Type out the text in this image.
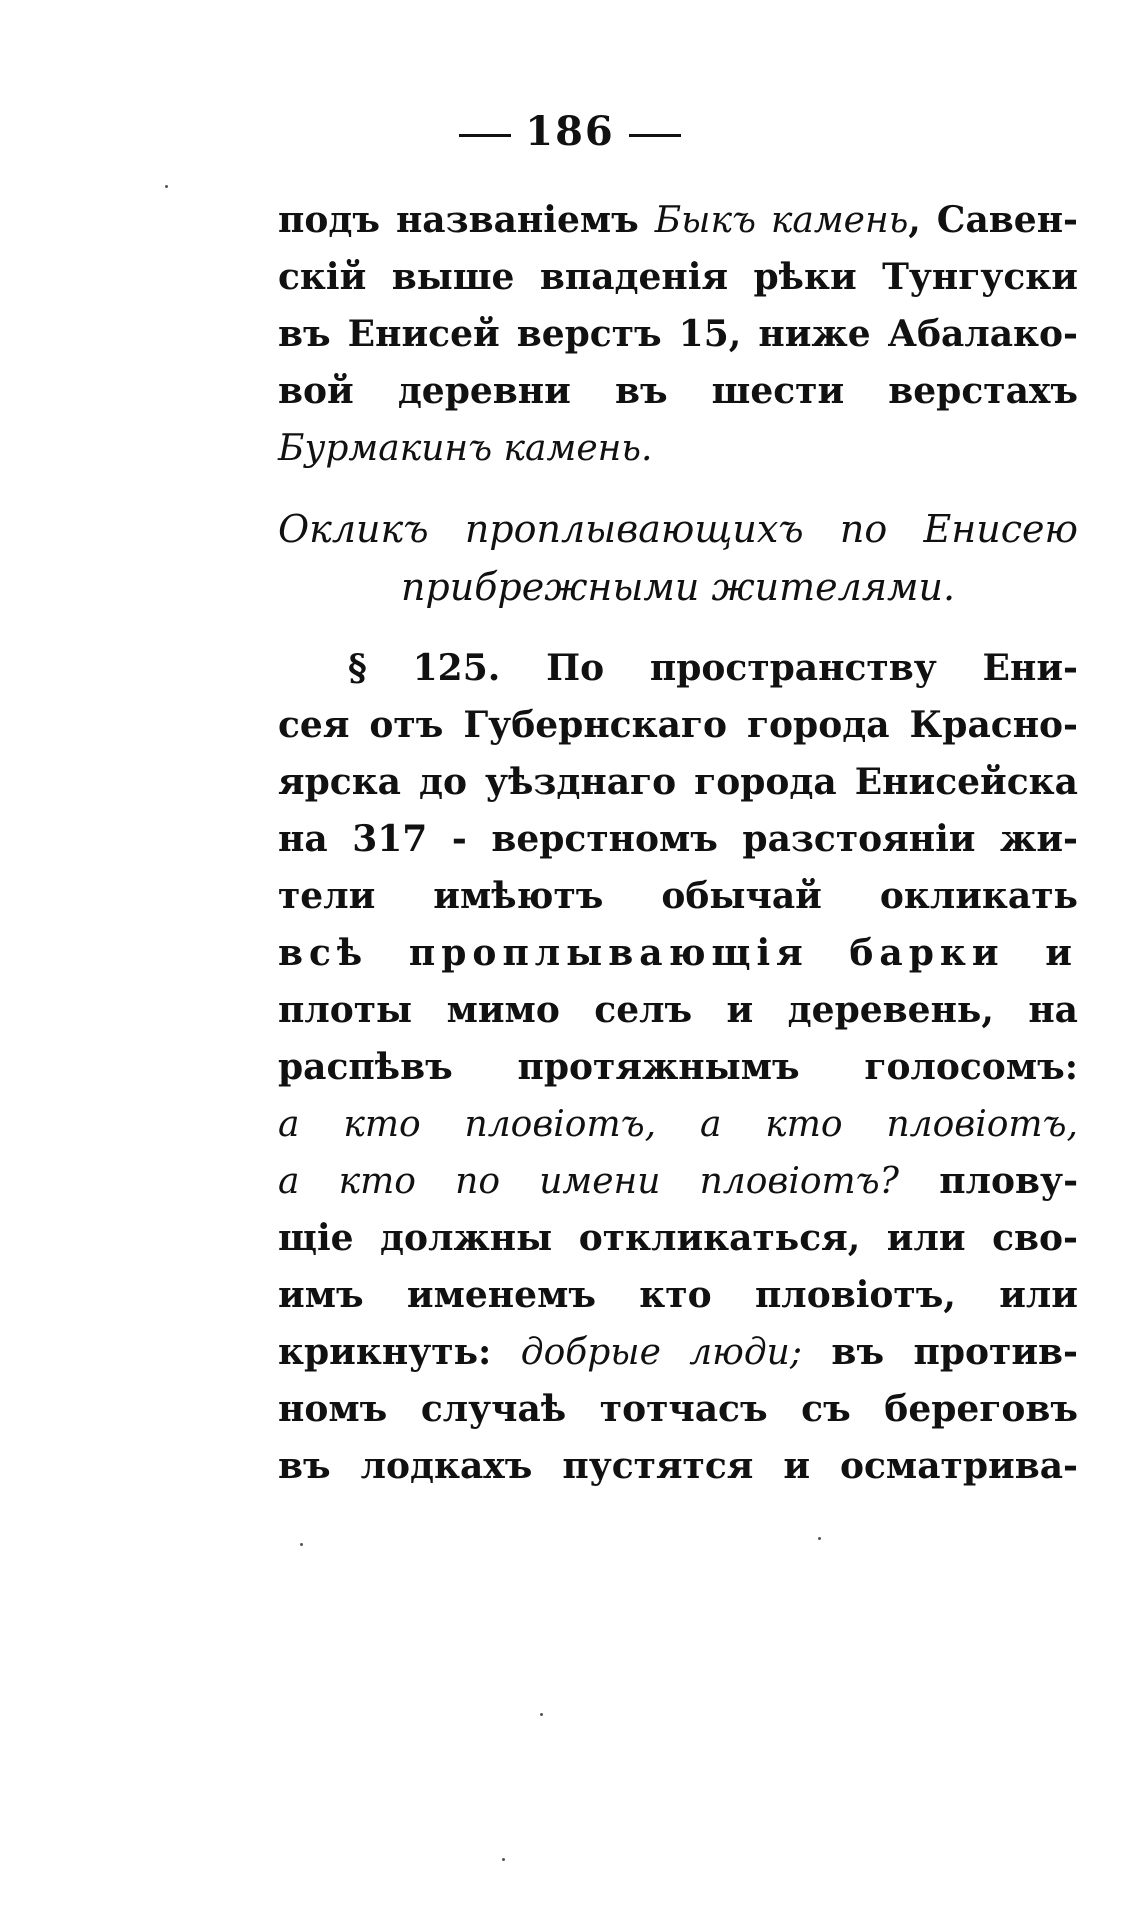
186
подъ названіемъ Быкъ камень, Савен-
скій выше впаденія рѣки Тунгуски
въ Енисей верстъ 15, ниже Абалако-
вой деревни въ шести верстахъ
Бурмакинъ камень.
Окликъ проплывающихъ по Енисею
прибрежными жителями.
§ 125. По пространству Ени-
сея отъ Губернскаго города Красно-
ярска до уѣзднаго города Енисейска
на 317 - верстномъ разстояніи жи-
тели имѣютъ обычай окликать
всѣ проплывающія барки и
плоты мимо селъ и деревень, на
распѣвъ протяжнымъ голосомъ:
а кто пловіотъ, а кто пловіотъ,
а кто по имени пловіотъ? плову-
щіе должны откликаться, или сво-
имъ именемъ кто пловіотъ, или
крикнуть: добрые люди; въ против-
номъ случаѣ тотчасъ съ береговъ
въ лодкахъ пустятся и осматрива-
